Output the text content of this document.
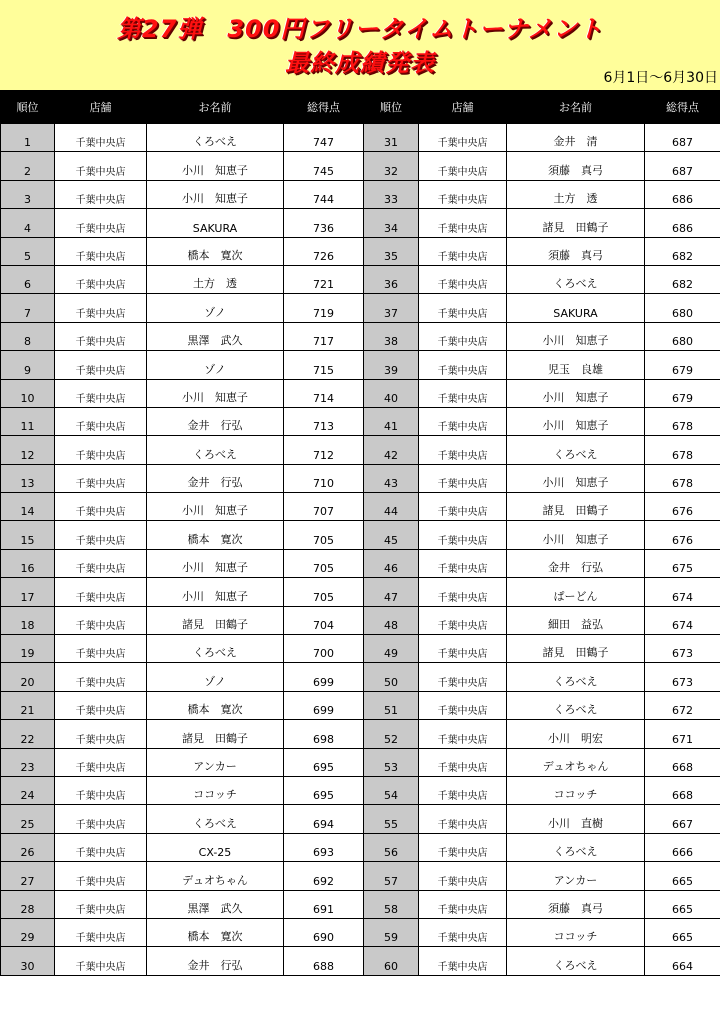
第27弾　300円フリータイムトーナメント
最終成績発表
6月1日～6月30日
順位	店舗	お名前	総得点	順位	店舗	お名前	総得点
1	千葉中央店	くろべえ	747	31	千葉中央店	金井　清	687
2	千葉中央店	小川　知恵子	745	32	千葉中央店	須藤　真弓	687
3	千葉中央店	小川　知恵子	744	33	千葉中央店	土方　透	686
4	千葉中央店	SAKURA	736	34	千葉中央店	諸見　田鶴子	686
5	千葉中央店	橋本　寛次	726	35	千葉中央店	須藤　真弓	682
6	千葉中央店	土方　透	721	36	千葉中央店	くろべえ	682
7	千葉中央店	ゾノ	719	37	千葉中央店	SAKURA	680
8	千葉中央店	黒澤　武久	717	38	千葉中央店	小川　知恵子	680
9	千葉中央店	ゾノ	715	39	千葉中央店	児玉　良雄	679
10	千葉中央店	小川　知恵子	714	40	千葉中央店	小川　知恵子	679
11	千葉中央店	金井　行弘	713	41	千葉中央店	小川　知恵子	678
12	千葉中央店	くろべえ	712	42	千葉中央店	くろべえ	678
13	千葉中央店	金井　行弘	710	43	千葉中央店	小川　知恵子	678
14	千葉中央店	小川　知恵子	707	44	千葉中央店	諸見　田鶴子	676
15	千葉中央店	橋本　寛次	705	45	千葉中央店	小川　知恵子	676
16	千葉中央店	小川　知恵子	705	46	千葉中央店	金井　行弘	675
17	千葉中央店	小川　知恵子	705	47	千葉中央店	ぱーどん	674
18	千葉中央店	諸見　田鶴子	704	48	千葉中央店	細田　益弘	674
19	千葉中央店	くろべえ	700	49	千葉中央店	諸見　田鶴子	673
20	千葉中央店	ゾノ	699	50	千葉中央店	くろべえ	673
21	千葉中央店	橋本　寛次	699	51	千葉中央店	くろべえ	672
22	千葉中央店	諸見　田鶴子	698	52	千葉中央店	小川　明宏	671
23	千葉中央店	アンカー	695	53	千葉中央店	デュオちゃん	668
24	千葉中央店	ココッチ	695	54	千葉中央店	ココッチ	668
25	千葉中央店	くろべえ	694	55	千葉中央店	小川　直樹	667
26	千葉中央店	CX-25	693	56	千葉中央店	くろべえ	666
27	千葉中央店	デュオちゃん	692	57	千葉中央店	アンカー	665
28	千葉中央店	黒澤　武久	691	58	千葉中央店	須藤　真弓	665
29	千葉中央店	橋本　寛次	690	59	千葉中央店	ココッチ	665
30	千葉中央店	金井　行弘	688	60	千葉中央店	くろべえ	664
